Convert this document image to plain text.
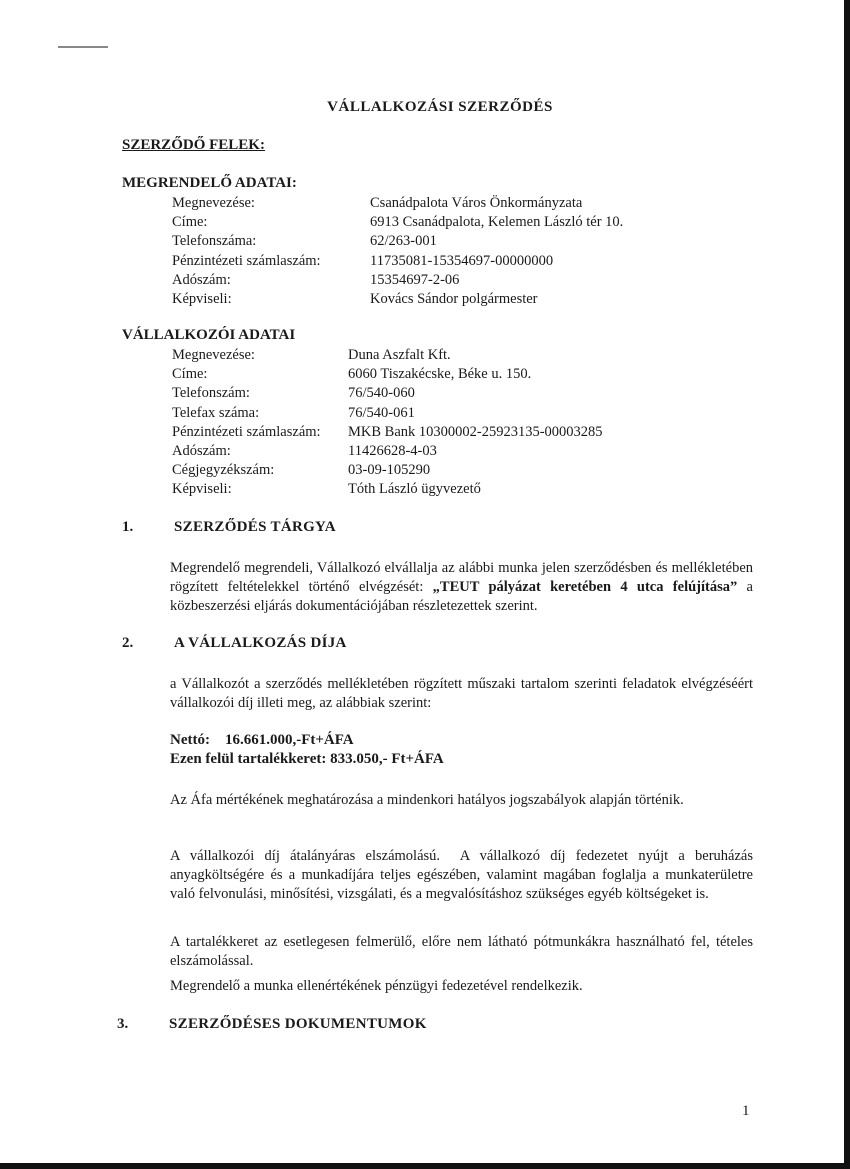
VÁLLALKOZÁSI SZERZŐDÉS
SZERZŐDŐ FELEK:
MEGRENDELŐ ADATAI:
Megnevezése:	Csanádpalota Város Önkormányzata
Címe:	6913 Csanádpalota, Kelemen László tér 10.
Telefonszáma:	62/263-001
Pénzintézeti számlaszám:	11735081-15354697-00000000
Adószám:	15354697-2-06
Képviseli:	Kovács Sándor polgármester
VÁLLALKOZÓI ADATAI
Megnevezése:	Duna Aszfalt Kft.
Címe:	6060 Tiszakécske, Béke u. 150.
Telefonszám:	76/540-060
Telefax száma:	76/540-061
Pénzintézeti számlaszám: MKB Bank 10300002-25923135-00003285
Adószám:	11426628-4-03
Cégjegyzékszám:	03-09-105290
Képviseli:	Tóth László ügyvezető
1.	SZERZŐDÉS TÁRGYA
Megrendelő megrendeli, Vállalkozó elvállalja az alábbi munka jelen szerződésben és mellékletében rögzített feltételekkel történő elvégzését: „TEUT pályázat keretében 4 utca felújítása” a közbeszerzési eljárás dokumentációjában részletezettek szerint.
2.	A VÁLLALKOZÁS DÍJA
a Vállalkozót a szerződés mellékletében rögzített műszaki tartalom szerinti feladatok elvégzéséért vállalkozói díj illeti meg, az alábbiak szerint:
Nettó:    16.661.000,-Ft+ÁFA
Ezen felül tartalékkeret: 833.050,- Ft+ÁFA
Az Áfa mértékének meghatározása a mindenkori hatályos jogszabályok alapján történik.
A vállalkozói díj átalányáras elszámolású.  A vállalkozó díj fedezetet nyújt a beruházás anyagköltségére és a munkadíjára teljes egészében, valamint magában foglalja a munkaterületre való felvonulási, minősítési, vizsgálati, és a megvalósításhoz szükséges egyéb költségeket is.
A tartalékkeret az esetlegesen felmerülő, előre nem látható pótmunkákra használható fel, tételes elszámolással.
Megrendelő a munka ellenértékének pénzügyi fedezetével rendelkezik.
3.	SZERZŐDÉSES DOKUMENTUMOK
1
